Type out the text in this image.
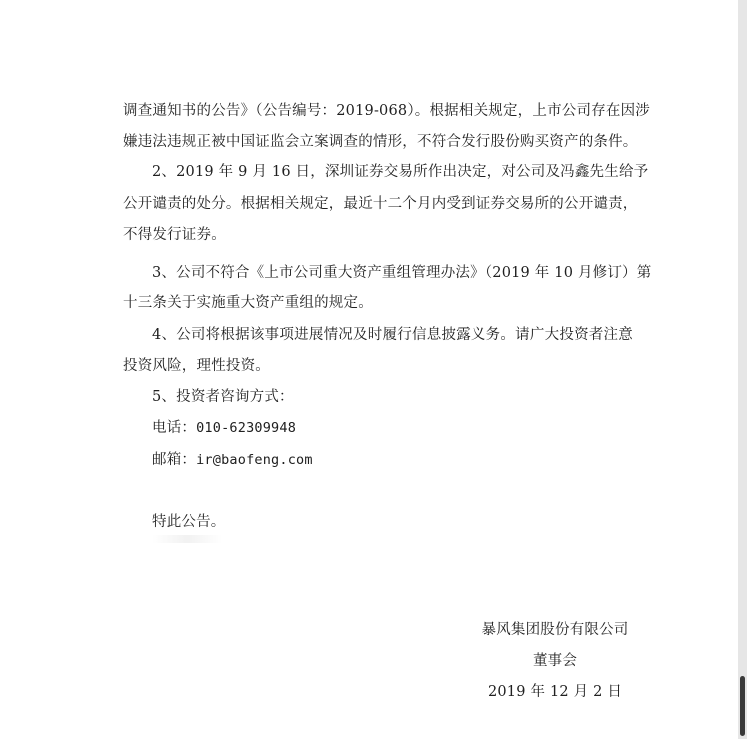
调查通知书的公告》（公告编号：2019-068）。根据相关规定，上市公司存在因涉
嫌违法违规正被中国证监会立案调查的情形，不符合发行股份购买资产的条件。
2、2019 年 9 月 16 日，深圳证券交易所作出决定，对公司及冯鑫先生给予
公开谴责的处分。根据相关规定，最近十二个月内受到证券交易所的公开谴责，
不得发行证券。
3、公司不符合《上市公司重大资产重组管理办法》（2019 年 10 月修订）第
十三条关于实施重大资产重组的规定。
4、公司将根据该事项进展情况及时履行信息披露义务。请广大投资者注意
投资风险，理性投资。
5、投资者咨询方式：
电话：010-62309948
邮箱：ir@baofeng.com
特此公告。
暴风集团股份有限公司
董事会
2019 年 12 月 2 日
